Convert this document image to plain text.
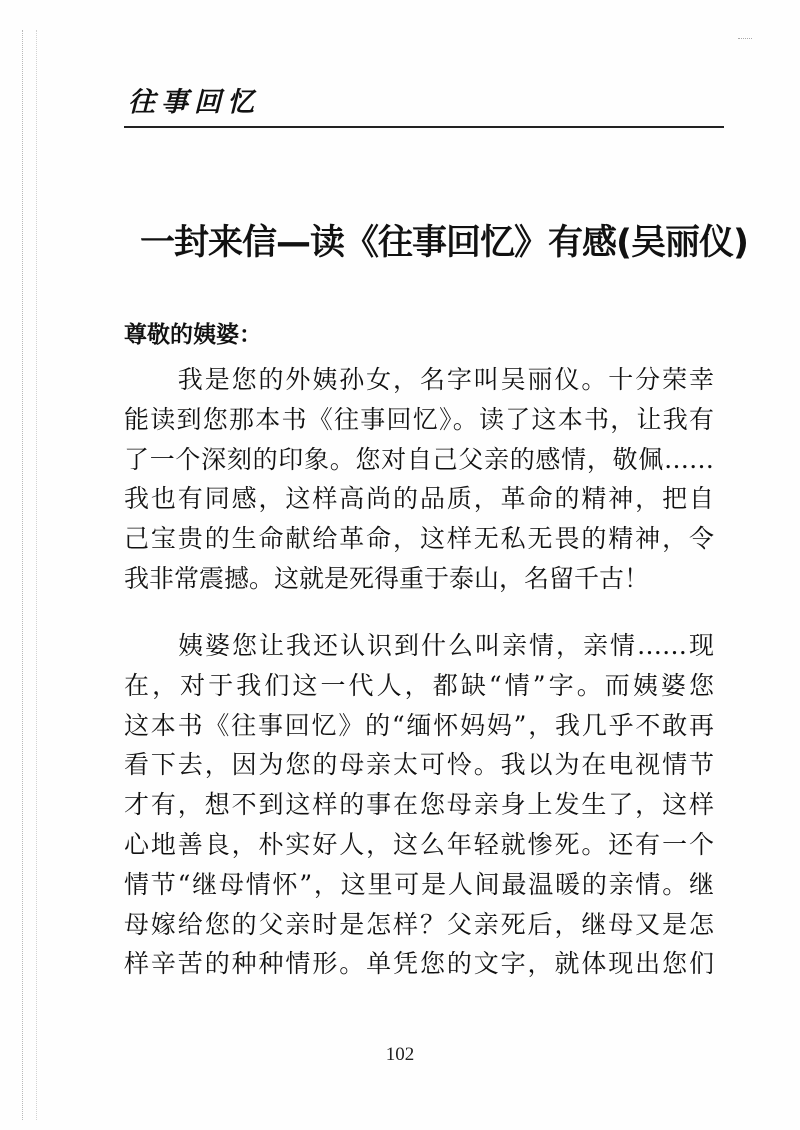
往事回忆
一封来信—读《往事回忆》有感(吴丽仪)
尊敬的姨婆：
　　我是您的外姨孙女，名字叫吴丽仪。十分荣幸
能读到您那本书《往事回忆》。读了这本书，让我有
了一个深刻的印象。您对自己父亲的感情，敬佩……
我也有同感，这样高尚的品质，革命的精神，把自
己宝贵的生命献给革命，这样无私无畏的精神，令
我非常震撼。这就是死得重于泰山，名留千古！
　　姨婆您让我还认识到什么叫亲情，亲情……现
在，对于我们这一代人，都缺“情”字。而姨婆您
这本书《往事回忆》的“缅怀妈妈”，我几乎不敢再
看下去，因为您的母亲太可怜。我以为在电视情节
才有，想不到这样的事在您母亲身上发生了，这样
心地善良，朴实好人，这么年轻就惨死。还有一个
情节“继母情怀”，这里可是人间最温暖的亲情。继
母嫁给您的父亲时是怎样？父亲死后，继母又是怎
样辛苦的种种情形。单凭您的文字，就体现出您们
102
